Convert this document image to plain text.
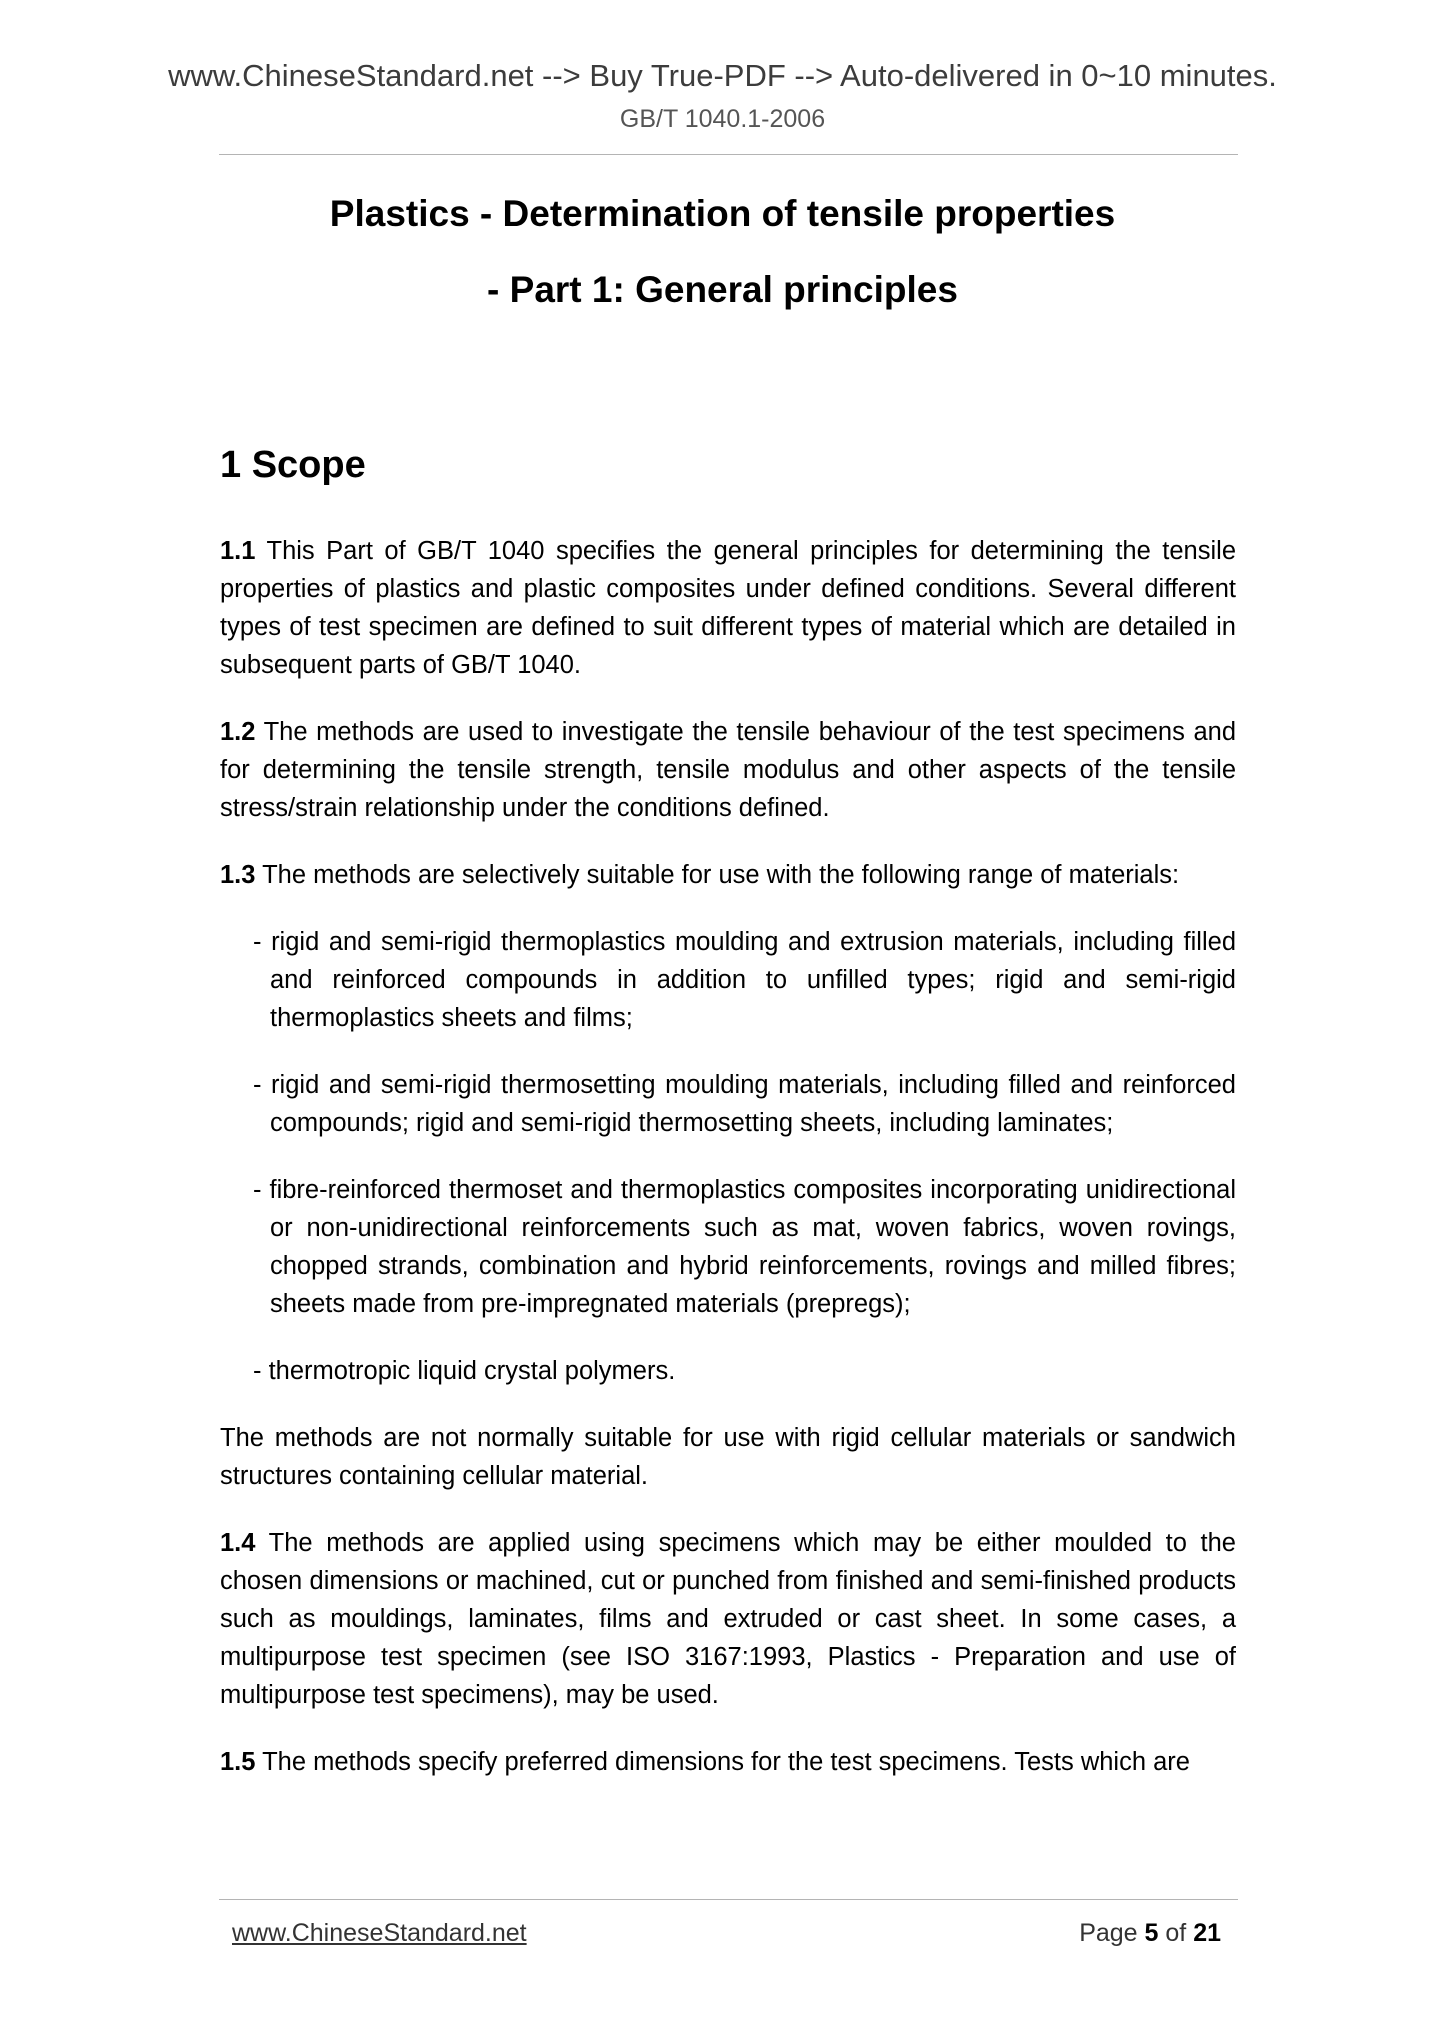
www.ChineseStandard.net --> Buy True-PDF --> Auto-delivered in 0~10 minutes.
GB/T 1040.1-2006
Plastics - Determination of tensile properties
- Part 1: General principles
1 Scope

1.1 This Part of GB/T 1040 specifies the general principles for determining the tensile properties of plastics and plastic composites under defined conditions. Several different types of test specimen are defined to suit different types of material which are detailed in subsequent parts of GB/T 1040.

1.2 The methods are used to investigate the tensile behaviour of the test specimens and for determining the tensile strength, tensile modulus and other aspects of the tensile stress/strain relationship under the conditions defined.

1.3 The methods are selectively suitable for use with the following range of materials:

- rigid and semi-rigid thermoplastics moulding and extrusion materials, including filled and reinforced compounds in addition to unfilled types; rigid and semi-rigid thermoplastics sheets and films;

- rigid and semi-rigid thermosetting moulding materials, including filled and reinforced compounds; rigid and semi-rigid thermosetting sheets, including laminates;

- fibre-reinforced thermoset and thermoplastics composites incorporating unidirectional or non-unidirectional reinforcements such as mat, woven fabrics, woven rovings, chopped strands, combination and hybrid reinforcements, rovings and milled fibres; sheets made from pre-impregnated materials (prepregs);

- thermotropic liquid crystal polymers.

The methods are not normally suitable for use with rigid cellular materials or sandwich structures containing cellular material.

1.4 The methods are applied using specimens which may be either moulded to the chosen dimensions or machined, cut or punched from finished and semi-finished products such as mouldings, laminates, films and extruded or cast sheet. In some cases, a multipurpose test specimen (see ISO 3167:1993, Plastics - Preparation and use of multipurpose test specimens), may be used.

1.5 The methods specify preferred dimensions for the test specimens. Tests which are

www.ChineseStandard.net	Page 5 of 21
